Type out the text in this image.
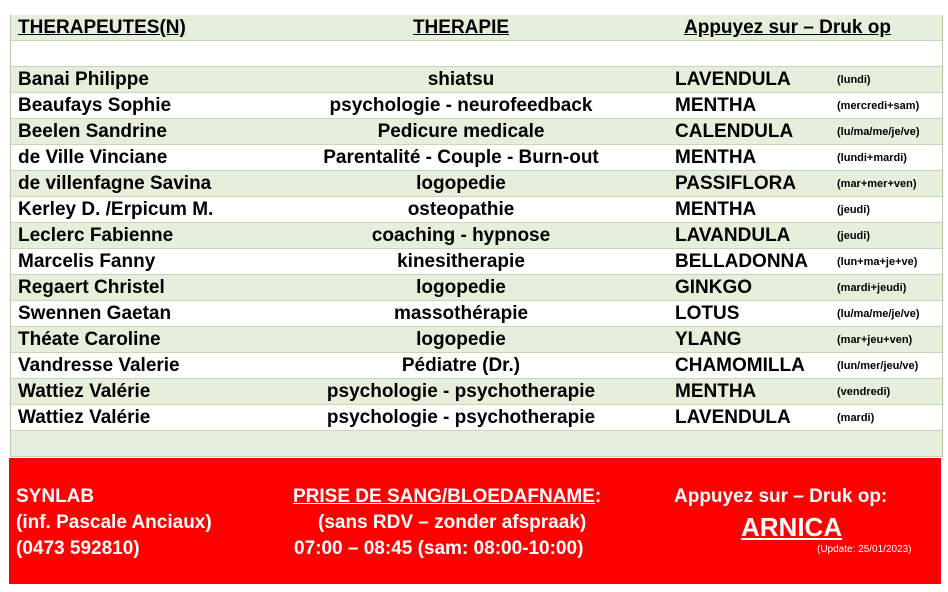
THERAPEUTES(N)	THERAPIE	Appuyez sur – Druk op
Banai Philippe	shiatsu	LAVENDULA	(lundi)
Beaufays Sophie	psychologie - neurofeedback	MENTHA	(mercredi+sam)
Beelen Sandrine	Pedicure medicale	CALENDULA	(lu/ma/me/je/ve)
de Ville Vinciane	Parentalité - Couple - Burn-out	MENTHA	(lundi+mardi)
de villenfagne Savina	logopedie	PASSIFLORA	(mar+mer+ven)
Kerley D. /Erpicum M.	osteopathie	MENTHA	(jeudi)
Leclerc Fabienne	coaching - hypnose	LAVANDULA	(jeudi)
Marcelis Fanny	kinesitherapie	BELLADONNA	(lun+ma+je+ve)
Regaert Christel	logopedie	GINKGO	(mardi+jeudi)
Swennen Gaetan	massothérapie	LOTUS	(lu/ma/me/je/ve)
Théate Caroline	logopedie	YLANG	(mar+jeu+ven)
Vandresse Valerie	Pédiatre (Dr.)	CHAMOMILLA	(lun/mer/jeu/ve)
Wattiez Valérie	psychologie - psychotherapie	MENTHA	(vendredi)
Wattiez Valérie	psychologie - psychotherapie	LAVENDULA	(mardi)
SYNLAB
(inf. Pascale Anciaux)
(0473 592810)
PRISE DE SANG/BLOEDAFNAME:
(sans RDV – zonder afspraak)
07:00 – 08:45 (sam: 08:00-10:00)
Appuyez sur – Druk op:
ARNICA
(Update: 25/01/2023)
